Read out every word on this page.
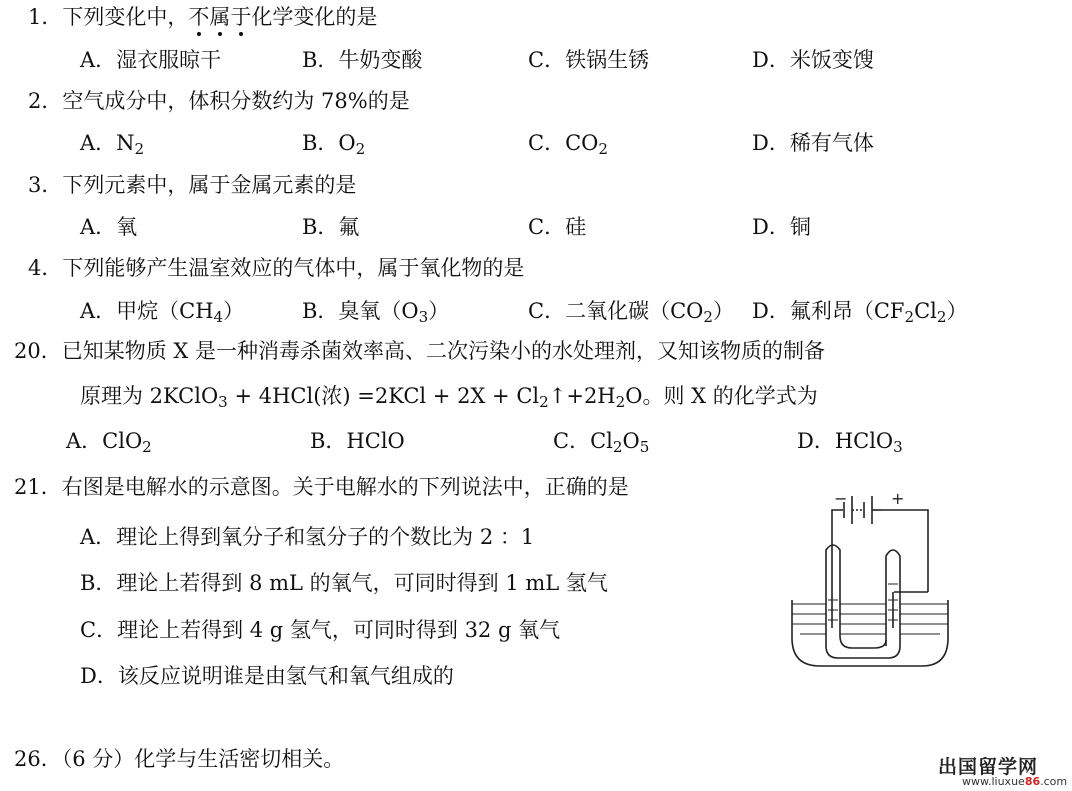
1．下列变化中，不属于化学变化的是
A．湿衣服晾干	B．牛奶变酸	C．铁锅生锈	D．米饭变馊
2．空气成分中，体积分数约为 78%的是
A．$N_2$	B．$O_2$	C．$CO_2$	D．稀有气体
3．下列元素中，属于金属元素的是
A．氧	B．氟	C．硅	D．铜
4．下列能够产生温室效应的气体中，属于氧化物的是
A．甲烷$(CH_4)$	B．臭氧$(O_3)$	C．二氧化碳$(CO_2)$ D．氟利昂$(CF_2Cl_2)$
20．已知某物质 X 是一种消毒杀菌效率高、二次污染小的水处理剂，又知该物质的制备
原理为 2KClO$_3$ + 4HCl(浓) $=2KCl + 2X + Cl_2↑+2H_2O$。则 X 的化学式为
A．ClO$_2$	B．HClO	C．$Cl_2O_5$	D．HClO$_3$
21．右图是电解水的示意图。关于电解水的下列说法中，正确的是
A．理论上得到氧分子和氢分子的个数比为 2 ：1
B．理论上若得到 8 mL 的氧气，可同时得到 1 mL 氢气
C．理论上若得到 4 g 氢气，可同时得到 32 g 氧气
D．该反应说明谁是由氢气和氧气组成的
−	+
26．（6 分）化学与生活密切相关。	出国留学网
www.liuxue86.com
